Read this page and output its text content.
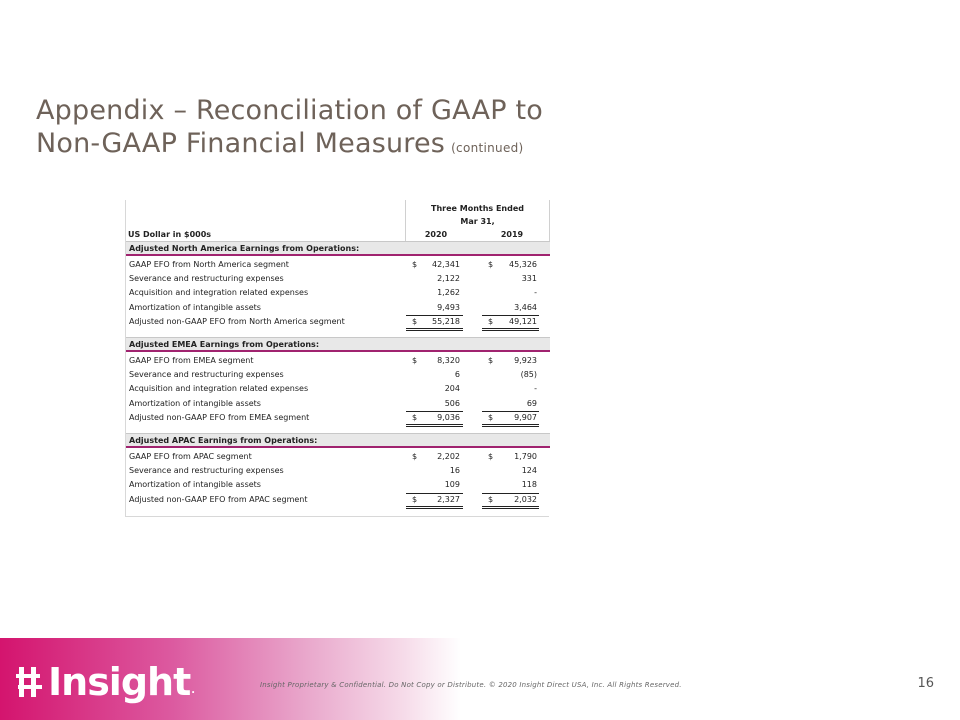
Appendix – Reconciliation of GAAP to
Non-GAAP Financial Measures (continued)
Three Months Ended
Mar 31,
US Dollar in $000s	2020	2019
Adjusted North America Earnings from Operations:
GAAP EFO from North America segment	$ 42,341	$ 45,326
Severance and restructuring expenses	2,122	331
Acquisition and integration related expenses	1,262	-
Amortization of intangible assets	9,493	3,464
Adjusted non-GAAP EFO from North America segment	$ 55,218	$ 49,121
Adjusted EMEA Earnings from Operations:
GAAP EFO from EMEA segment	$	8,320	$	9,923
Severance and restructuring expenses	6	(85)
Acquisition and integration related expenses	204	-
Amortization of intangible assets	506	69
Adjusted non-GAAP EFO from EMEA segment	$	9,036	$	9,907
Adjusted APAC Earnings from Operations:
GAAP EFO from APAC segment	$	2,202	$	1,790
Severance and restructuring expenses	16	124
Amortization of intangible assets	109	118
Adjusted non-GAAP EFO from APAC segment	$	2,327	$	2,032
Insight .	Insight Proprietary & Confidential. Do Not Copy or Distribute. © 2020 Insight Direct USA, Inc. All Rights Reserved.	16
